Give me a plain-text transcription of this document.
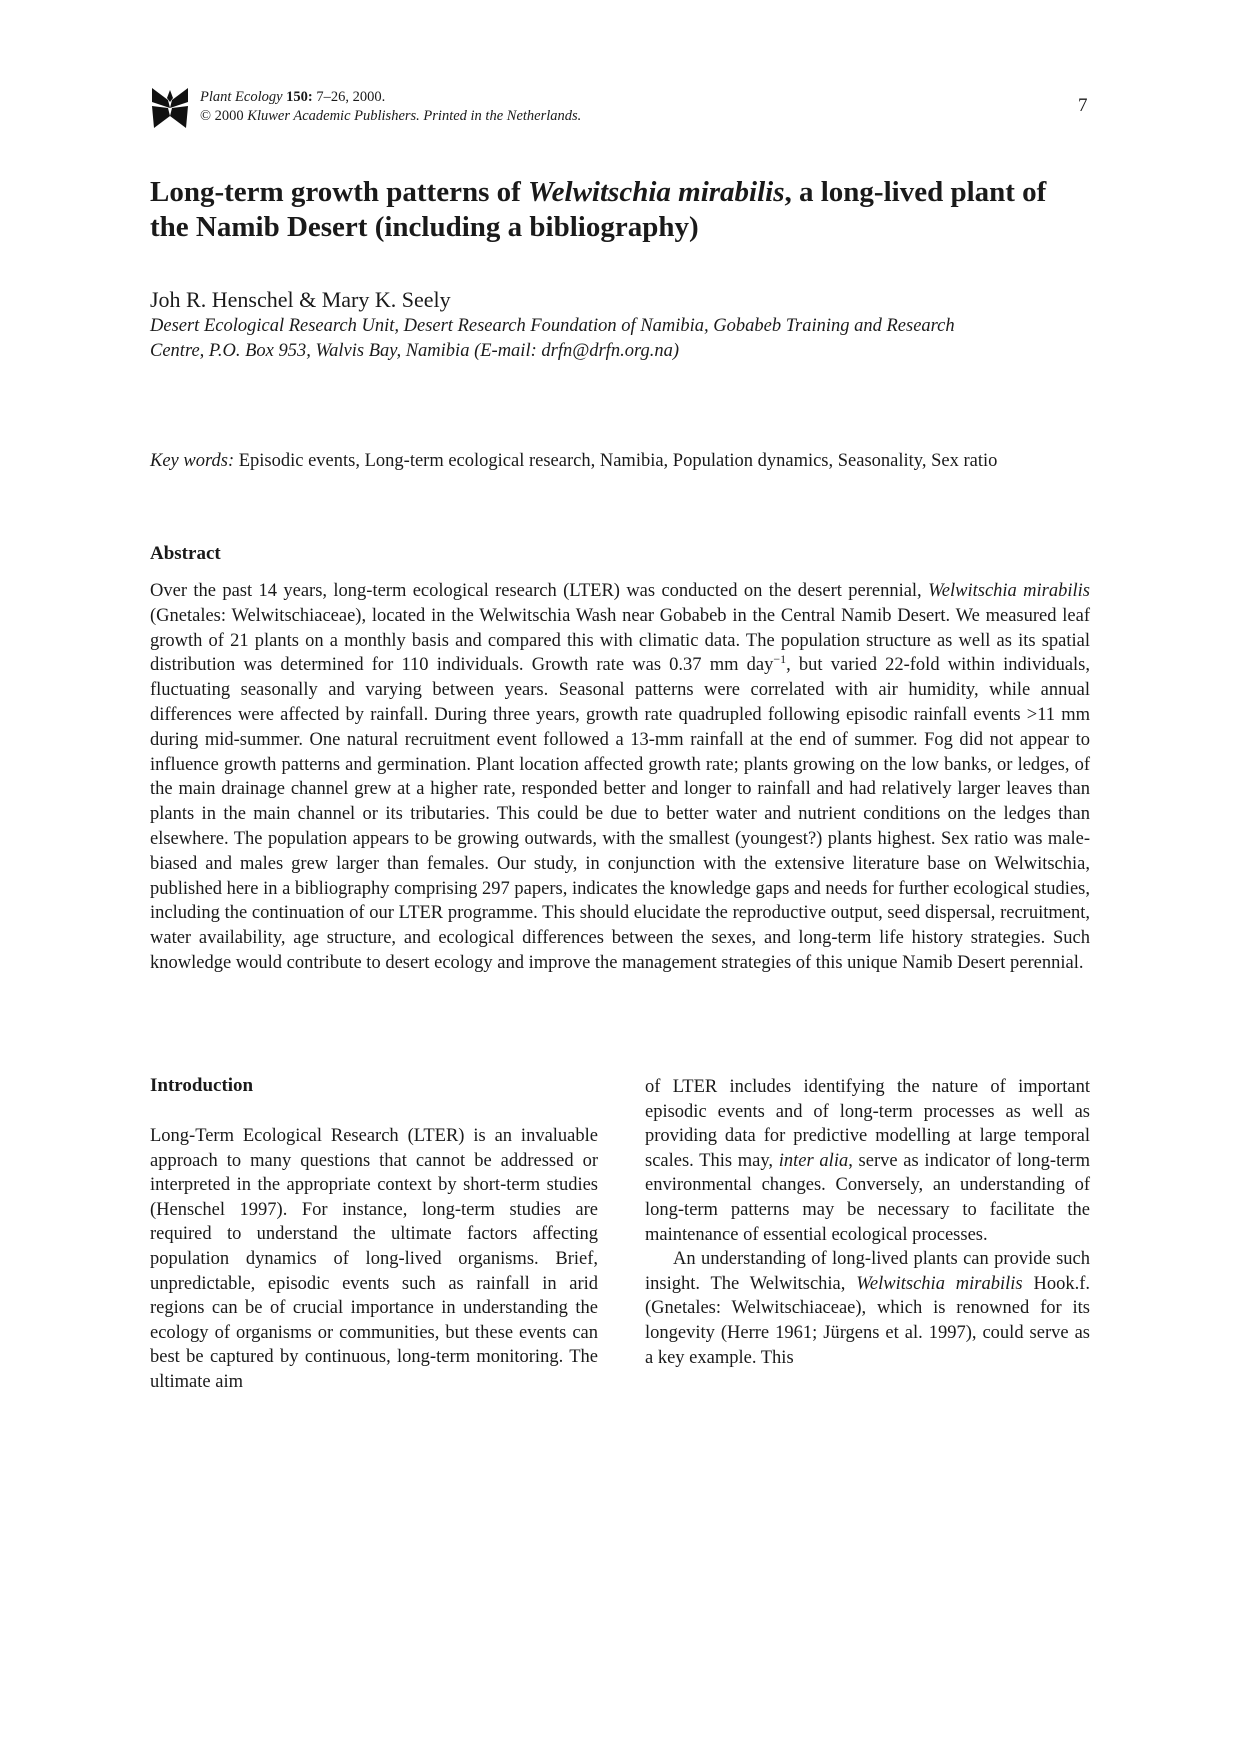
Plant Ecology 150: 7–26, 2000.
© 2000 Kluwer Academic Publishers. Printed in the Netherlands.	7
Long-term growth patterns of Welwitschia mirabilis, a long-lived plant of the Namib Desert (including a bibliography)
Joh R. Henschel & Mary K. Seely
Desert Ecological Research Unit, Desert Research Foundation of Namibia, Gobabeb Training and Research
Centre, P.O. Box 953, Walvis Bay, Namibia (E-mail: drfn@drfn.org.na)
Key words: Episodic events, Long-term ecological research, Namibia, Population dynamics, Seasonality, Sex ratio
Abstract

Over the past 14 years, long-term ecological research (LTER) was conducted on the desert perennial, Welwitschia mirabilis (Gnetales: Welwitschiaceae), located in the Welwitschia Wash near Gobabeb in the Central Namib Desert. We measured leaf growth of 21 plants on a monthly basis and compared this with climatic data. The population structure as well as its spatial distribution was determined for 110 individuals. Growth rate was 0.37 mm day$^{-1}$, but varied 22-fold within individuals, fluctuating seasonally and varying between years. Seasonal patterns were correlated with air humidity, while annual differences were affected by rainfall. During three years, growth rate quadrupled following episodic rainfall events >11 mm during mid-summer. One natural recruitment event followed a 13-mm rainfall at the end of summer. Fog did not appear to influence growth patterns and germination. Plant location affected growth rate; plants growing on the low banks, or ledges, of the main drainage channel grew at a higher rate, responded better and longer to rainfall and had relatively larger leaves than plants in the main channel or its tributaries. This could be due to better water and nutrient conditions on the ledges than elsewhere. The population appears to be growing outwards, with the smallest (youngest?) plants highest. Sex ratio was male-biased and males grew larger than females. Our study, in conjunction with the extensive literature base on Welwitschia, published here in a bibliography comprising 297 papers, indicates the knowledge gaps and needs for further ecological studies, including the continuation of our LTER programme. This should elucidate the reproductive output, seed dispersal, recruitment, water availability, age structure, and ecological differences between the sexes, and long-term life history strategies. Such knowledge would contribute to desert ecology and improve the management strategies of this unique Namib Desert perennial.

Introduction

Long-Term Ecological Research (LTER) is an invaluable approach to many questions that cannot be addressed or interpreted in the appropriate context by short-term studies (Henschel 1997). For instance, long-term studies are required to understand the ultimate factors affecting population dynamics of long-lived organisms. Brief, unpredictable, episodic events such as rainfall in arid regions can be of crucial importance in understanding the ecology of organisms or communities, but these events can best be captured by continuous, long-term monitoring. The ultimate aim

of LTER includes identifying the nature of important episodic events and of long-term processes as well as providing data for predictive modelling at large temporal scales. This may, inter alia, serve as indicator of long-term environmental changes. Conversely, an understanding of long-term patterns may be necessary to facilitate the maintenance of essential ecological processes.

An understanding of long-lived plants can provide such insight. The Welwitschia, Welwitschia mirabilis Hook.f. (Gnetales: Welwitschiaceae), which is renowned for its longevity (Herre 1961; Jürgens et al. 1997), could serve as a key example. This
